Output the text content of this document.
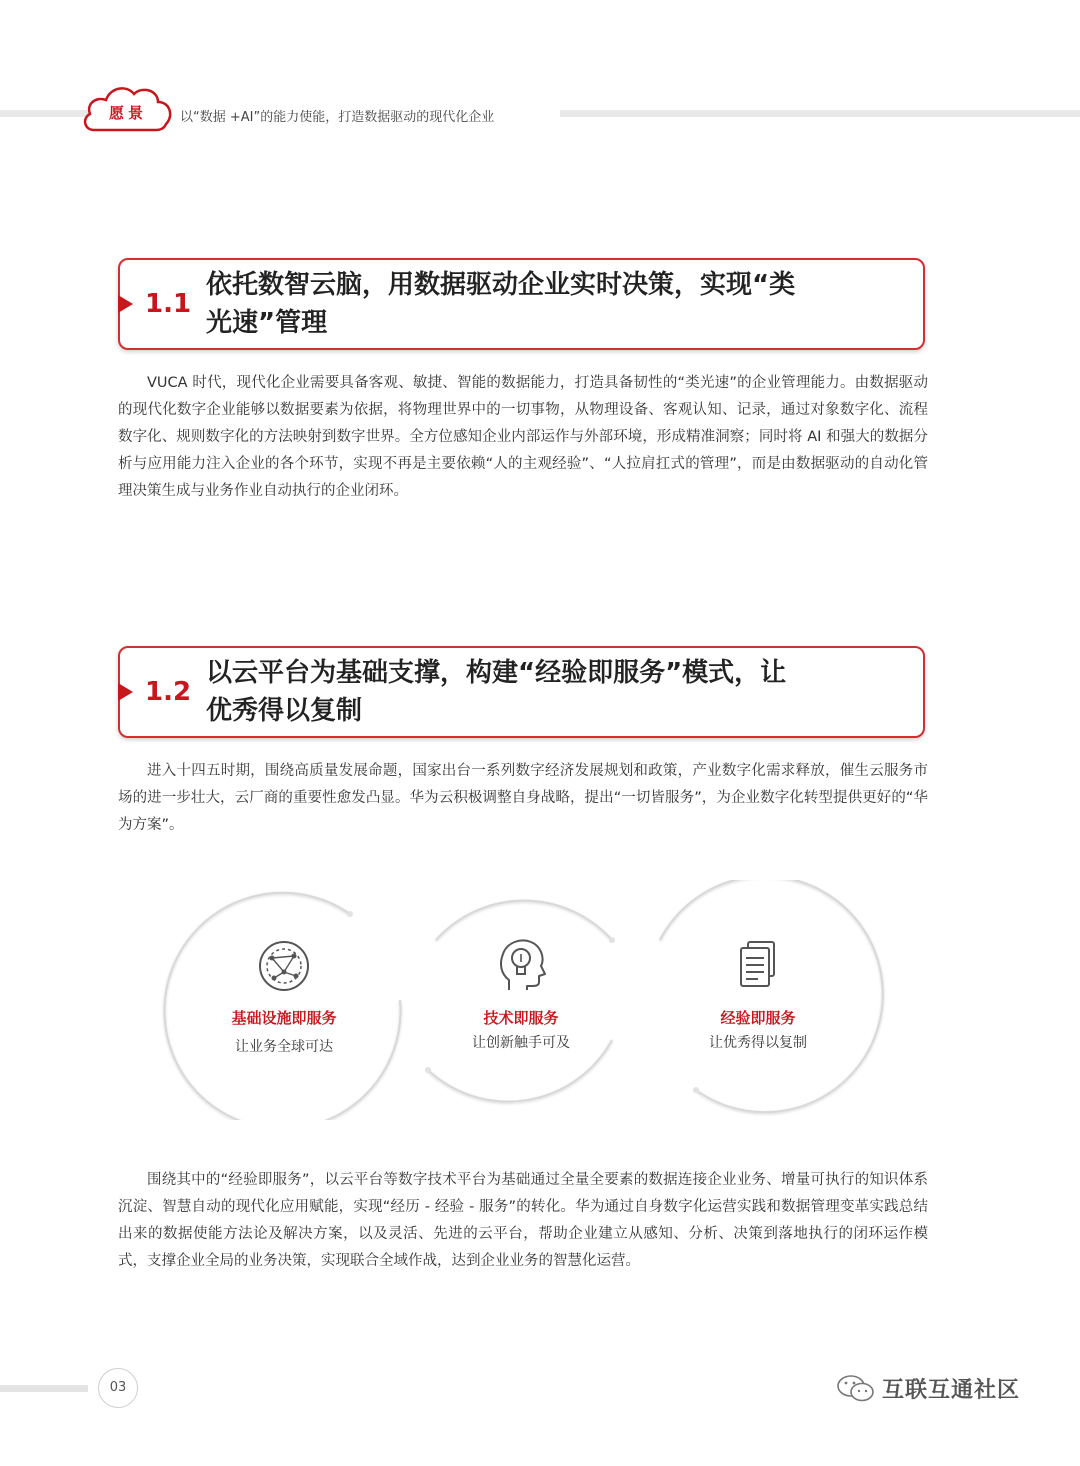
愿景	以“数据 +AI”的能力使能，打造数据驱动的现代化企业
1.1
依托数智云脑，用数据驱动企业实时决策，实现“类
光速”管理

VUCA 时代，现代化企业需要具备客观、敏捷、智能的数据能力，打造具备韧性的“类光速”的企业管理能力。由数据驱动的现代化数字企业能够以数据要素为依据，将物理世界中的一切事物，从物理设备、客观认知、记录，通过对象数字化、流程数字化、规则数字化的方法映射到数字世界。全方位感知企业内部运作与外部环境，形成精准洞察；同时将 AI 和强大的数据分析与应用能力注入企业的各个环节，实现不再是主要依赖“人的主观经验”、“人拉肩扛式的管理”，而是由数据驱动的自动化管理决策生成与业务作业自动执行的企业闭环。

1.2
以云平台为基础支撑，构建“经验即服务”模式，让
优秀得以复制

进入十四五时期，围绕高质量发展命题，国家出台一系列数字经济发展规划和政策，产业数字化需求释放，催生云服务市场的进一步壮大，云厂商的重要性愈发凸显。华为云积极调整自身战略，提出“一切皆服务”，为企业数字化转型提供更好的“华为方案”。

基础设施即服务
让业务全球可达
技术即服务
让创新触手可及
经验即服务
让优秀得以复制

围绕其中的“经验即服务”，以云平台等数字技术平台为基础通过全量全要素的数据连接企业业务、增量可执行的知识体系沉淀、智慧自动的现代化应用赋能，实现“经历 - 经验 - 服务”的转化。华为通过自身数字化运营实践和数据管理变革实践总结出来的数据使能方法论及解决方案，以及灵活、先进的云平台，帮助企业建立从感知、分析、决策到落地执行的闭环运作模式，支撑企业全局的业务决策，实现联合全域作战，达到企业业务的智慧化运营。

03	互联互通社区
